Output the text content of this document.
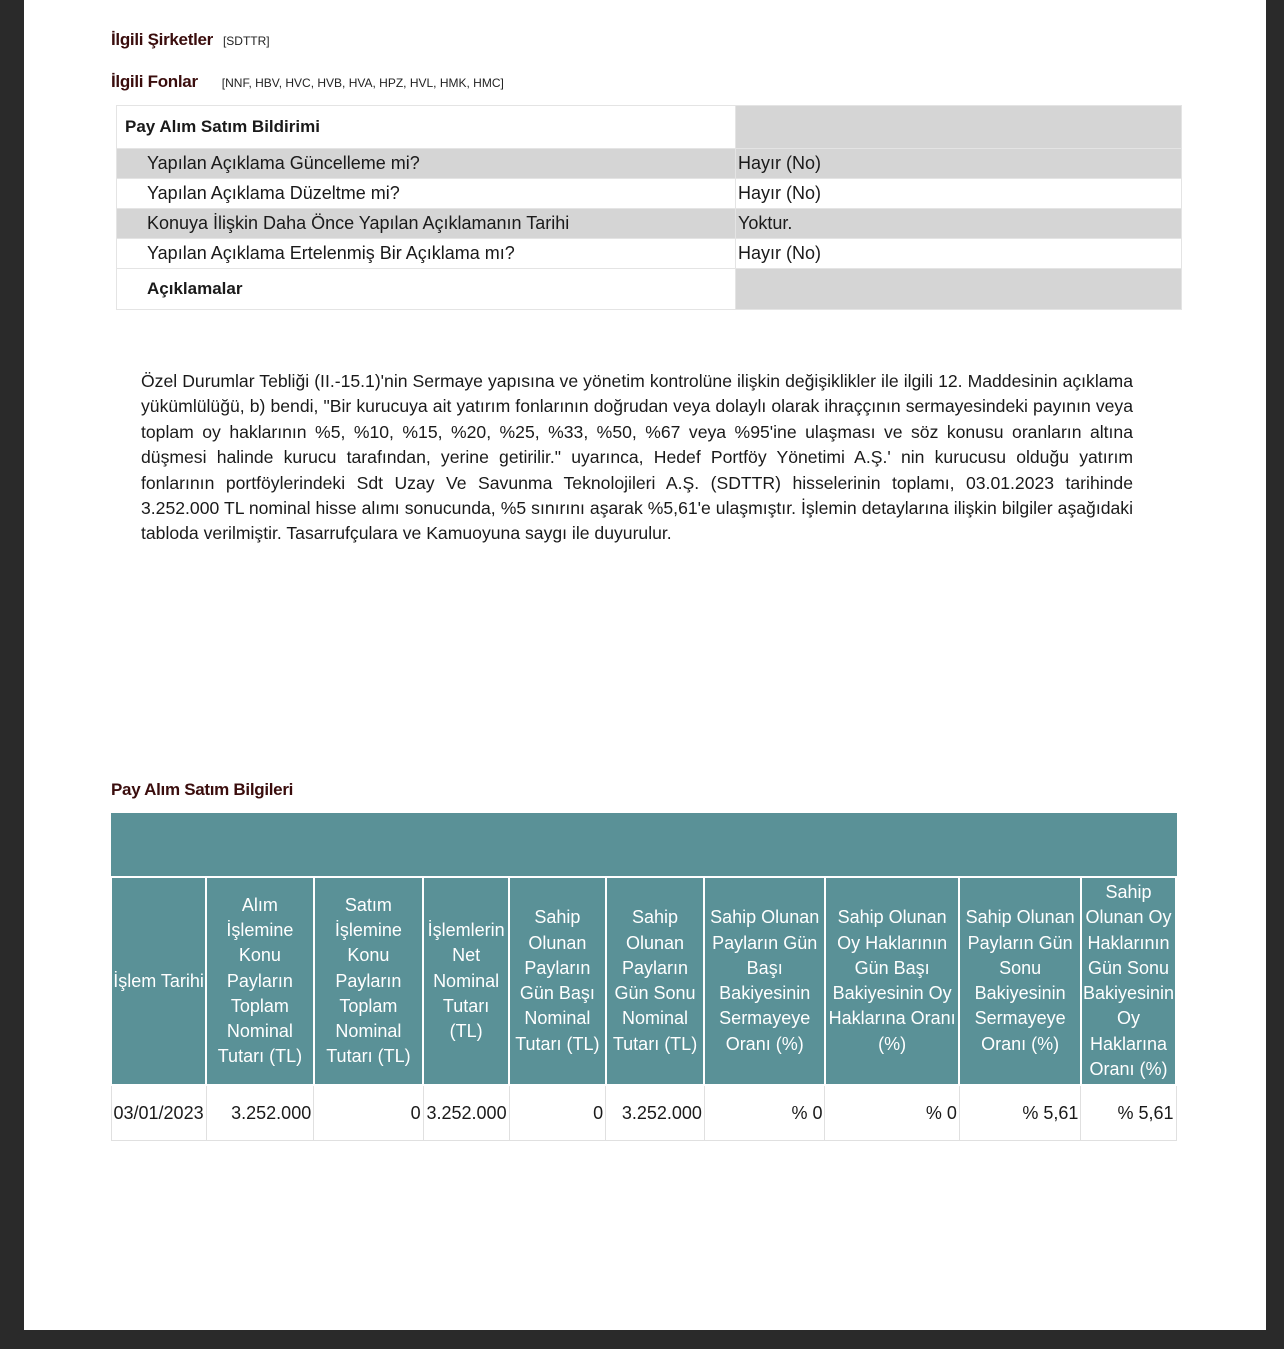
İlgili Şirketler [SDTTR]
İlgili Fonlar [NNF, HBV, HVC, HVB, HVA, HPZ, HVL, HMK, HMC]
Pay Alım Satım Bildirimi	
Yapılan Açıklama Güncelleme mi?	Hayır (No)
Yapılan Açıklama Düzeltme mi?	Hayır (No)
Konuya İlişkin Daha Önce Yapılan Açıklamanın Tarihi	Yoktur.
Yapılan Açıklama Ertelenmiş Bir Açıklama mı?	Hayır (No)
Açıklamalar	
Özel Durumlar Tebliği (II.-15.1)'nin Sermaye yapısına ve yönetim kontrolüne ilişkin değişiklikler ile ilgili 12. Maddesinin açıklama yükümlülüğü, b) bendi, "Bir kurucuya ait yatırım fonlarının doğrudan veya dolaylı olarak ihraççının sermayesindeki payının veya toplam oy haklarının %5, %10, %15, %20, %25, %33, %50, %67 veya %95'ine ulaşması ve söz konusu oranların altına düşmesi halinde kurucu tarafından, yerine getirilir." uyarınca, Hedef Portföy Yönetimi A.Ş.' nin kurucusu olduğu yatırım fonlarının portföylerindeki Sdt Uzay Ve Savunma Teknolojileri A.Ş. (SDTTR) hisselerinin toplamı, 03.01.2023 tarihinde 3.252.000 TL nominal hisse alımı sonucunda, %5 sınırını aşarak %5,61'e ulaşmıştır. İşlemin detaylarına ilişkin bilgiler aşağıdaki tabloda verilmiştir. Tasarrufçulara ve Kamuoyuna saygı ile duyurulur.
Pay Alım Satım Bilgileri

İşlem Tarihi	Alım İşlemine Konu Payların Toplam Nominal Tutarı (TL)	Satım İşlemine Konu Payların Toplam Nominal Tutarı (TL)	İşlemlerin Net Nominal Tutarı (TL)	Sahip Olunan Payların Gün Başı Nominal Tutarı (TL)	Sahip Olunan Payların Gün Sonu Nominal Tutarı (TL)	Sahip Olunan Payların Gün Başı Bakiyesinin Sermayeye Oranı (%)	Sahip Olunan Oy Haklarının Gün Başı Bakiyesinin Oy Haklarına Oranı (%)	Sahip Olunan Payların Gün Sonu Bakiyesinin Sermayeye Oranı (%)	Sahip Olunan Oy Haklarının Gün Sonu Bakiyesinin Oy Haklarına Oranı (%)
03/01/2023	3.252.000	0	3.252.000	0	3.252.000	% 0	% 0	% 5,61	% 5,61
